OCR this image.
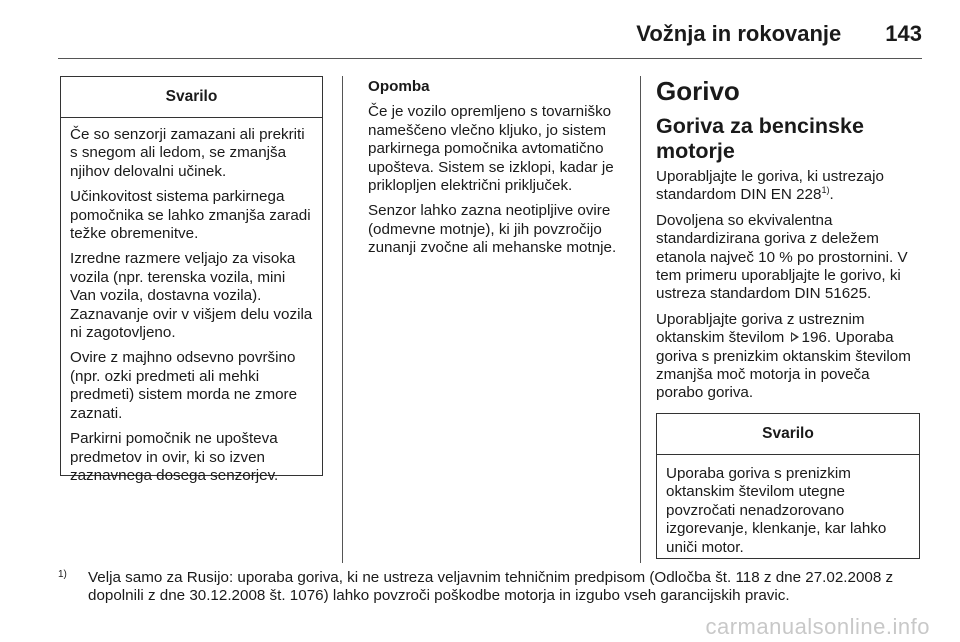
Vožnja in rokovanje 143
Svarilo

Če so senzorji zamazani ali prekriti s snegom ali ledom, se zmanjša njihov delovalni učinek.

Učinkovitost sistema parkirnega pomočnika se lahko zmanjša zaradi težke obremenitve.

Izredne razmere veljajo za visoka vozila (npr. terenska vozila, mini Van vozila, dostavna vozila). Zaznavanje ovir v višjem delu vozila ni zagotovljeno.

Ovire z majhno odsevno površino (npr. ozki predmeti ali mehki predmeti) sistem morda ne zmore zaznati.

Parkirni pomočnik ne upošteva predmetov in ovir, ki so izven zaznavnega dosega senzorjev.

Opomba

Če je vozilo opremljeno s tovarniško nameščeno vlečno kljuko, jo sistem parkirnega pomočnika avtomatično upošteva. Sistem se izklopi, kadar je priklopljen električni priključek.

Senzor lahko zazna neotipljive ovire (odmevne motnje), ki jih povzročijo zunanji zvočne ali mehanske motnje.

Gorivo
Goriva za bencinske motorje

Uporabljajte le goriva, ki ustrezajo standardom DIN EN 228$^{1)}$.

Dovoljena so ekvivalentna standardizirana goriva z deležem etanola največ 10 % po prostornini. V tem primeru uporabljajte le gorivo, ki ustreza standardom DIN 51625.

Uporabljajte goriva z ustreznim oktanskim številom 196. Uporaba goriva s prenizkim oktanskim številom zmanjša moč motorja in poveča porabo goriva.

Svarilo
Uporaba goriva s prenizkim oktanskim številom utegne povzročati nenadzorovano izgorevanje, klenkanje, kar lahko uniči motor.
1)	Velja samo za Rusijo: uporaba goriva, ki ne ustreza veljavnim tehničnim predpisom (Odločba št. 118 z dne 27.02.2008 z dopolnili z dne 30.12.2008 št. 1076) lahko povzroči poškodbe motorja in izgubo vseh garancijskih pravic.
carmanualsonline.info
